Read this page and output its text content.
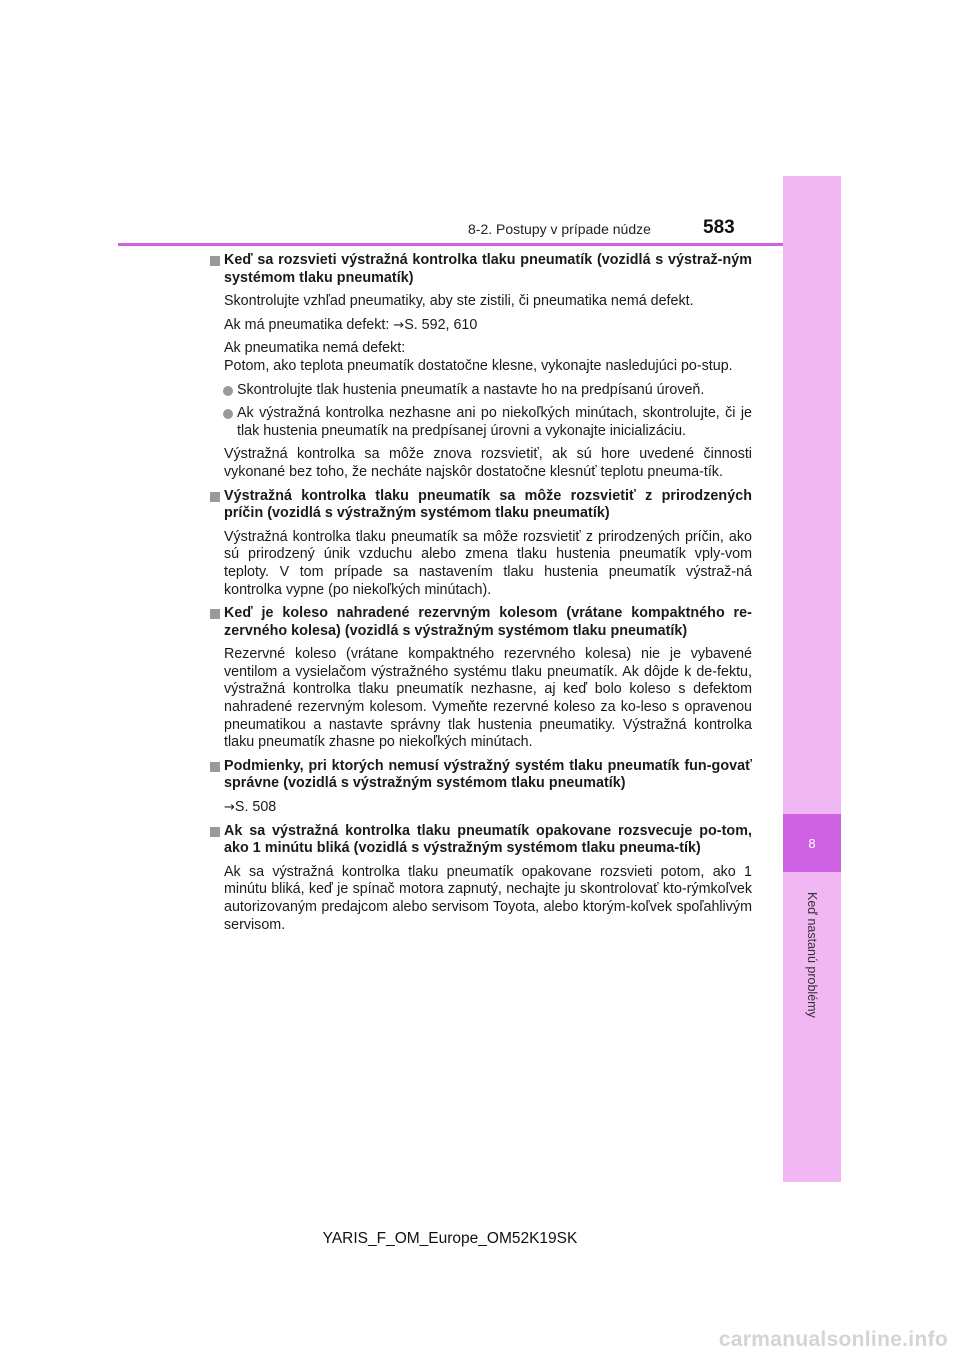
8
Keď nastanú problémy
8-2. Postupy v prípade núdze	583
Keď sa rozsvieti výstražná kontrolka tlaku pneumatík (vozidlá s výstraž-ným systémom tlaku pneumatík)
Skontrolujte vzhľad pneumatiky, aby ste zistili, či pneumatika nemá defekt.
Ak má pneumatika defekt: →S. 592, 610
Ak pneumatika nemá defekt:
Potom, ako teplota pneumatík dostatočne klesne, vykonajte nasledujúci po-stup.
Skontrolujte tlak hustenia pneumatík a nastavte ho na predpísanú úroveň.
Ak výstražná kontrolka nezhasne ani po niekoľkých minútach, skontrolujte, či je tlak hustenia pneumatík na predpísanej úrovni a vykonajte inicializáciu.
Výstražná kontrolka sa môže znova rozsvietiť, ak sú hore uvedené činnosti vykonané bez toho, že necháte najskôr dostatočne klesnúť teplotu pneuma-tík.
Výstražná kontrolka tlaku pneumatík sa môže rozsvietiť z prirodzených príčin (vozidlá s výstražným systémom tlaku pneumatík)
Výstražná kontrolka tlaku pneumatík sa môže rozsvietiť z prirodzených príčin, ako sú prirodzený únik vzduchu alebo zmena tlaku hustenia pneumatík vply-vom teploty. V tom prípade sa nastavením tlaku hustenia pneumatík výstraž-ná kontrolka vypne (po niekoľkých minútach).
Keď je koleso nahradené rezervným kolesom (vrátane kompaktného re-zervného kolesa) (vozidlá s výstražným systémom tlaku pneumatík)
Rezervné koleso (vrátane kompaktného rezervného kolesa) nie je vybavené ventilom a vysielačom výstražného systému tlaku pneumatík. Ak dôjde k de-fektu, výstražná kontrolka tlaku pneumatík nezhasne, aj keď bolo koleso s defektom nahradené rezervným kolesom. Vymeňte rezervné koleso za ko-leso s opravenou pneumatikou a nastavte správny tlak hustenia pneumatiky. Výstražná kontrolka tlaku pneumatík zhasne po niekoľkých minútach.
Podmienky, pri ktorých nemusí výstražný systém tlaku pneumatík fun-govať správne (vozidlá s výstražným systémom tlaku pneumatík)
→S. 508
Ak sa výstražná kontrolka tlaku pneumatík opakovane rozsvecuje po-tom, ako 1 minútu bliká (vozidlá s výstražným systémom tlaku pneuma-tík)
Ak sa výstražná kontrolka tlaku pneumatík opakovane rozsvieti potom, ako 1 minútu bliká, keď je spínač motora zapnutý, nechajte ju skontrolovať kto-rýmkoľvek autorizovaným predajcom alebo servisom Toyota, alebo ktorým-koľvek spoľahlivým servisom.
YARIS_F_OM_Europe_OM52K19SK
carmanualsonline.info
